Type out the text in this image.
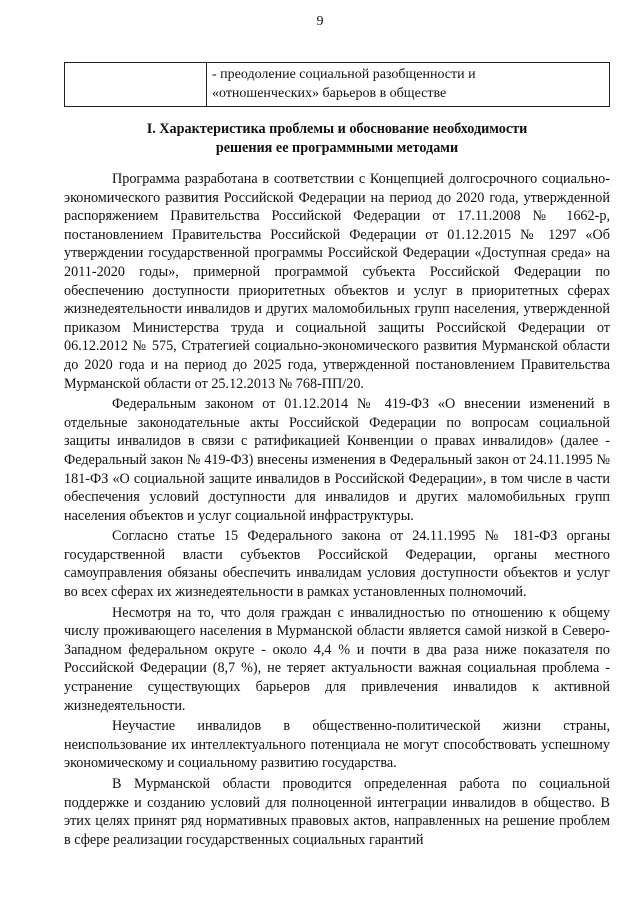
9

- преодоление социальной разобщенности и
«отношенческих» барьеров в обществе
I. Характеристика проблемы и обоснование необходимости
решения ее программными методами

Программа разработана в соответствии с Концепцией долгосрочного социально-экономического развития Российской Федерации на период до 2020 года, утвержденной распоряжением Правительства Российской Федерации от 17.11.2008 № 1662-р, постановлением Правительства Российской Федерации от 01.12.2015 № 1297 «Об утверждении государственной программы Российской Федерации «Доступная среда» на 2011-2020 годы», примерной программой субъекта Российской Федерации по обеспечению доступности приоритетных объектов и услуг в приоритетных сферах жизнедеятельности инвалидов и других маломобильных групп населения, утвержденной приказом Министерства труда и социальной защиты Российской Федерации от 06.12.2012 № 575, Стратегией социально-экономического развития Мурманской области до 2020 года и на период до 2025 года, утвержденной постановлением Правительства Мурманской области от 25.12.2013 № 768-ПП/20.

Федеральным законом от 01.12.2014 № 419-ФЗ «О внесении изменений в отдельные законодательные акты Российской Федерации по вопросам социальной защиты инвалидов в связи с ратификацией Конвенции о правах инвалидов» (далее - Федеральный закон № 419-ФЗ) внесены изменения в Федеральный закон от 24.11.1995 № 181-ФЗ «О социальной защите инвалидов в Российской Федерации», в том числе в части обеспечения условий доступности для инвалидов и других маломобильных групп населения объектов и услуг социальной инфраструктуры.

Согласно статье 15 Федерального закона от 24.11.1995 № 181-ФЗ органы государственной власти субъектов Российской Федерации, органы местного самоуправления обязаны обеспечить инвалидам условия доступности объектов и услуг во всех сферах их жизнедеятельности в рамках установленных полномочий.

Несмотря на то, что доля граждан с инвалидностью по отношению к общему числу проживающего населения в Мурманской области является самой низкой в Северо-Западном федеральном округе - около 4,4 % и почти в два раза ниже показателя по Российской Федерации (8,7 %), не теряет актуальности важная социальная проблема - устранение существующих барьеров для привлечения инвалидов к активной жизнедеятельности.

Неучастие инвалидов в общественно-политической жизни страны, неиспользование их интеллектуального потенциала не могут способствовать успешному экономическому и социальному развитию государства.

В Мурманской области проводится определенная работа по социальной поддержке и созданию условий для полноценной интеграции инвалидов в общество. В этих целях принят ряд нормативных правовых актов, направленных на решение проблем в сфере реализации государственных социальных гарантий
